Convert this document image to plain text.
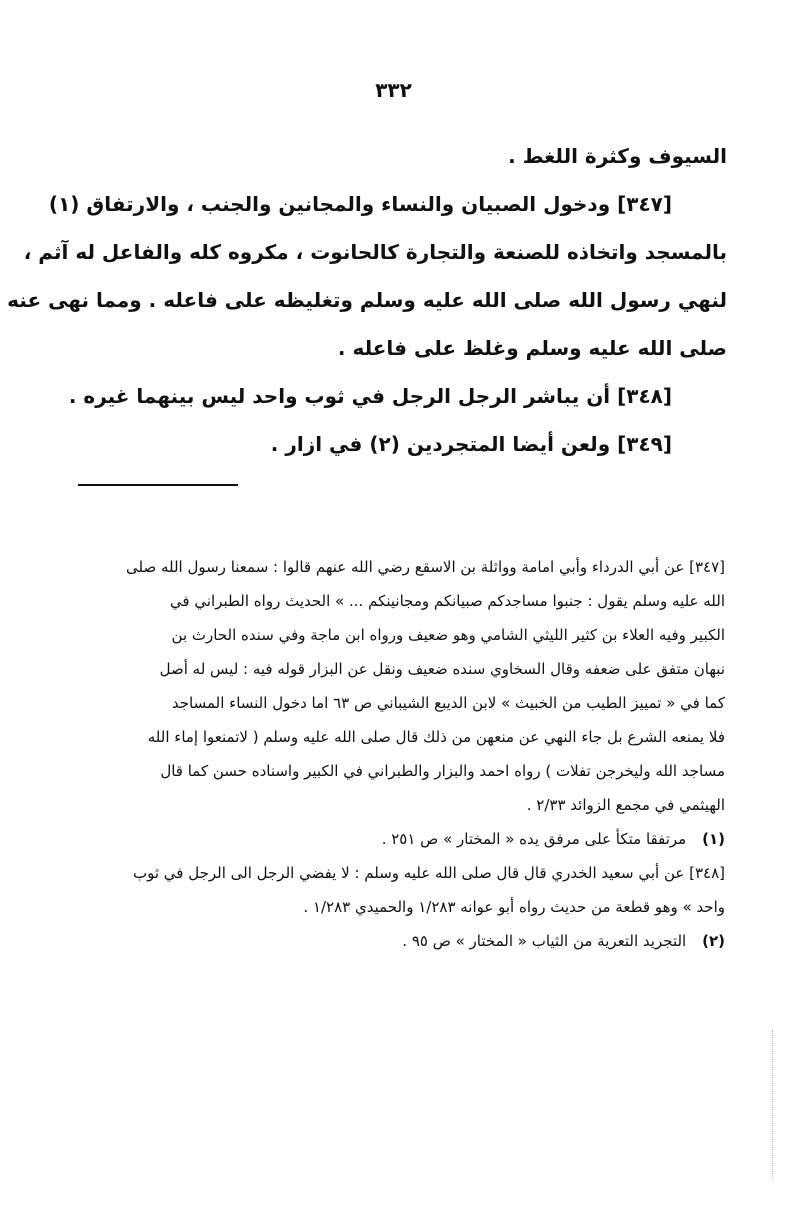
٣٣٢
السيوف وكثرة اللغط .
[٣٤٧] ودخول الصبيان والنساء والمجانين والجنب ، والارتفاق (١)
بالمسجد واتخاذه للصنعة والتجارة كالحانوت ، مكروه كله والفاعل له آثم ،
لنهي رسول الله صلى الله عليه وسلم وتغليظه على فاعله . ومما نهى عنه
صلى الله عليه وسلم وغلظ على فاعله .
[٣٤٨] أن يباشر الرجل الرجل في ثوب واحد ليس بينهما غيره .
[٣٤٩] ولعن أيضا المتجردين (٢) في ازار .
[٣٤٧] عن أبي الدرداء وأبي امامة وواثلة بن الاسقع رضي الله عنهم قالوا : سمعنا رسول الله صلى
الله عليه وسلم يقول : جنبوا مساجدكم صبيانكم ومجانينكم ... » الحديث رواه الطبراني في
الكبير وفيه العلاء بن كثير الليثي الشامي وهو ضعيف ورواه ابن ماجة وفي سنده الحارث بن
نبهان متفق على ضعفه وقال السخاوي سنده ضعيف ونقل عن البزار قوله فيه : ليس له أصل
كما في « تمييز الطيب من الخبيث » لابن الديبع الشيباني ص ٦٣ اما دخول النساء المساجد
فلا يمنعه الشرع بل جاء النهي عن منعهن من ذلك قال صلى الله عليه وسلم ( لاتمنعوا إماء الله
مساجد الله وليخرجن تفلات ) رواه احمد والبزار والطبراني في الكبير واسناده حسن كما قال
الهيثمي في مجمع الزوائد ٢/٣٣ .
(١) مرتفقا متكأ على مرفق يده « المختار » ص ٢٥١ .
[٣٤٨] عن أبي سعيد الخدري قال قال صلى الله عليه وسلم : لا يفضي الرجل الى الرجل في ثوب
واحد » وهو قطعة من حديث رواه أبو عوانه ١/٢٨٣ والحميدي ١/٢٨٣ .
(٢) التجريد التعرية من الثياب « المختار » ص ٩٥ .
